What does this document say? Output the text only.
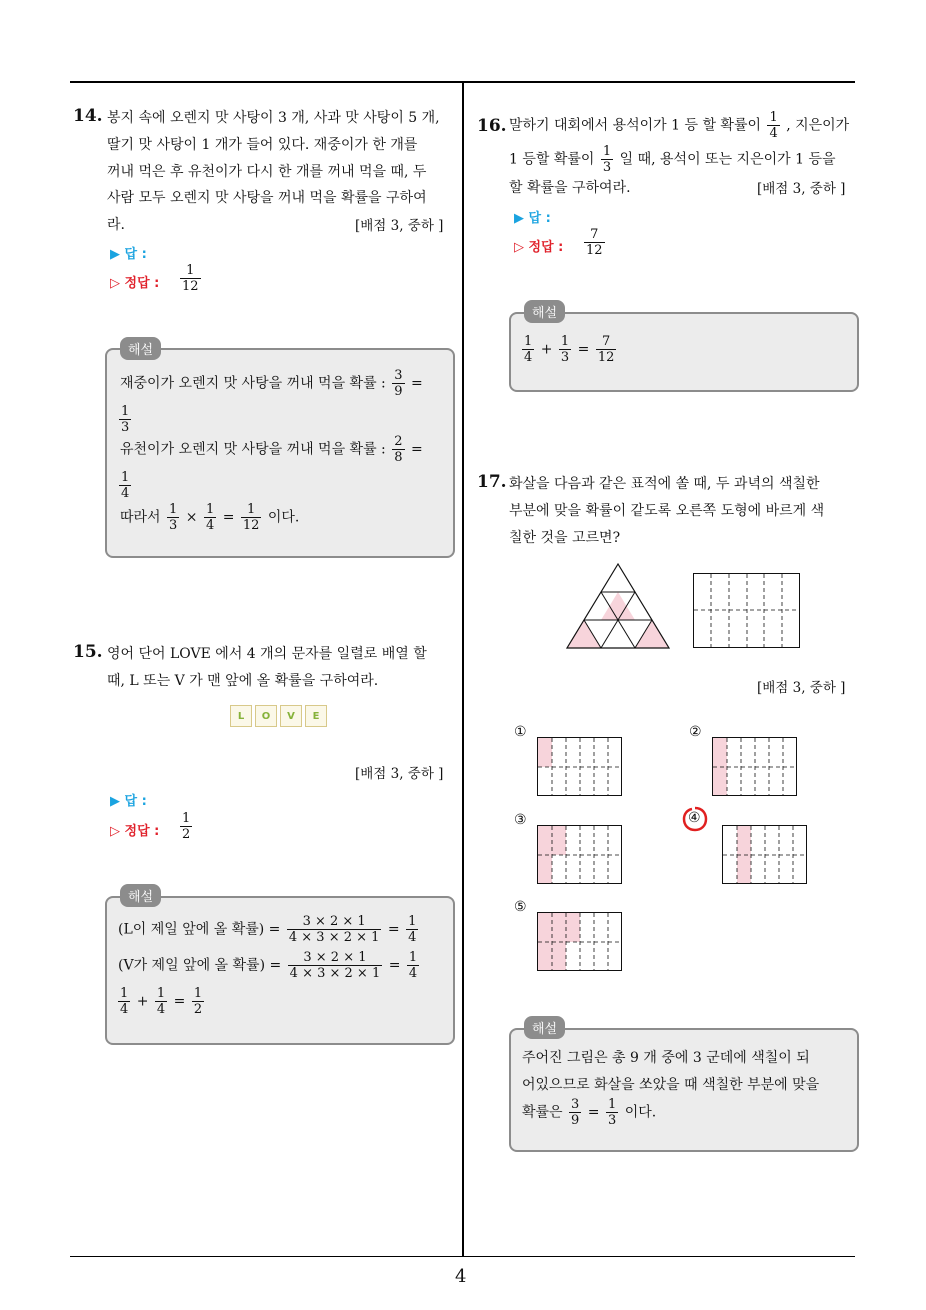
4
14. 봉지 속에 오렌지 맛 사탕이 3 개, 사과 맛 사탕이 5 개,
딸기 맛 사탕이 1 개가 들어 있다. 재중이가 한 개를
꺼내 먹은 후 유천이가 다시 한 개를 꺼내 먹을 때, 두
사람 모두 오렌지 맛 사탕을 꺼내 먹을 확률을 구하여
라.	[배점 3, 중하 ]
▶ 답 :
▷ 정답 : $\frac{1}{12}$
해설
재중이가 오렌지 맛 사탕을 꺼내 먹을 확률 : $\frac{3}{9}$ =
$\frac{1}{3}$
유천이가 오렌지 맛 사탕을 꺼내 먹을 확률 : $\frac{2}{8}$ =
$\frac{1}{4}$
따라서 $\frac{1}{3} \times \frac{1}{4} = \frac{1}{12}$ 이다.
15. 영어 단어 LOVE 에서 4 개의 문자를 일렬로 배열 할
때, L 또는 V 가 맨 앞에 올 확률을 구하여라.
L	O	V	E
[배점 3, 중하 ]
▶ 답 :
▷ 정답 : $\frac{1}{2}$
해설
(L이 제일 앞에 올 확률) = $\frac{3 \times 2 \times 1}{4 \times 3 \times 2 \times 1} = \frac{1}{4}$
(V가 제일 앞에 올 확률) = $\frac{3 \times 2 \times 1}{4 \times 3 \times 2 \times 1} = \frac{1}{4}$
$\frac{1}{4} + \frac{1}{4} = \frac{1}{2}$
16. 말하기 대회에서 용석이가 1 등 할 확률이 $\frac{1}{4}$ , 지은이가
1 등할 확률이 $\frac{1}{3}$ 일 때, 용석이 또는 지은이가 1 등을
할 확률을 구하여라.	[배점 3, 중하 ]
▶ 답 :
▷ 정답 : $\frac{7}{12}$
해설
$\frac{1}{4} + \frac{1}{3} = \frac{7}{12}$
17. 화살을 다음과 같은 표적에 쏠 때, 두 과녁의 색칠한
부분에 맞을 확률이 같도록 오른쪽 도형에 바르게 색
칠한 것을 고르면?
[배점 3, 중하 ]
①	②
③	④
⑤
해설
주어진 그림은 총 9 개 중에 3 군데에 색칠이 되
어있으므로 화살을 쏘았을 때 색칠한 부분에 맞을
확률은 $\frac{3}{9} = \frac{1}{3}$ 이다.
